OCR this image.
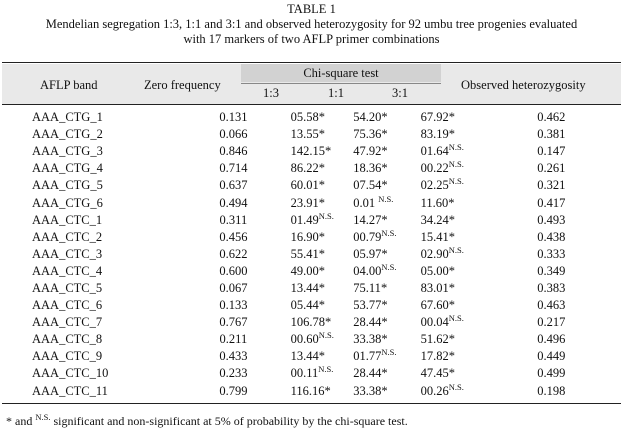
TABLE 1
Mendelian segregation 1:3, 1:1 and 3:1 and observed heterozygosity for 92 umbu tree progenies evaluated
with 17 markers of two AFLP primer combinations
AFLP band	Zero frequency
Chi-square test
1:3	1:1	3:1
Observed heterozygosity
AAA_CTG_1	0.131	05.58*	54.20*	67.92*	0.462
AAA_CTG_2	0.066	13.55*	75.36*	83.19*	0.381
AAA_CTG_3	0.846	142.15*	47.92*	$01.64^{N.S.}$	0.147
AAA_CTG_4	0.714	86.22*	18.36*	$00.22^{N.S.}$	0.261
AAA_CTG_5	0.637	60.01*	07.54*	$02.25^{N.S.}$	0.321
AAA_CTG_6	0.494	23.91*	0.01 $^{N.S.}$	11.60*	0.417
AAA_CTC_1	0.311	$01.49^{N.S.}$	14.27*	34.24*	0.493
AAA_CTC_2	0.456	16.90*	$00.79^{N.S.}$	15.41*	0.438
AAA_CTC_3	0.622	55.41*	05.97*	$02.90^{N.S.}$	0.333
AAA_CTC_4	0.600	49.00*	$04.00^{N.S.}$	05.00*	0.349
AAA_CTC_5	0.067	13.44*	75.11*	83.01*	0.383
AAA_CTC_6	0.133	05.44*	53.77*	67.60*	0.463
AAA_CTC_7	0.767	106.78*	28.44*	$00.04^{N.S.}$	0.217
AAA_CTC_8	0.211	$00.60^{N.S.}$	33.38*	51.62*	0.496
AAA_CTC_9	0.433	13.44*	$01.77^{N.S.}$	17.82*	0.449
AAA_CTC_10	0.233	$00.11^{N.S.}$	28.44*	47.45*	0.499
AAA_CTC_11	0.799	116.16*	33.38*	$00.26^{N.S.}$	0.198
* and $^{N.S.}$ significant and non-significant at 5% of probability by the chi-square test.
